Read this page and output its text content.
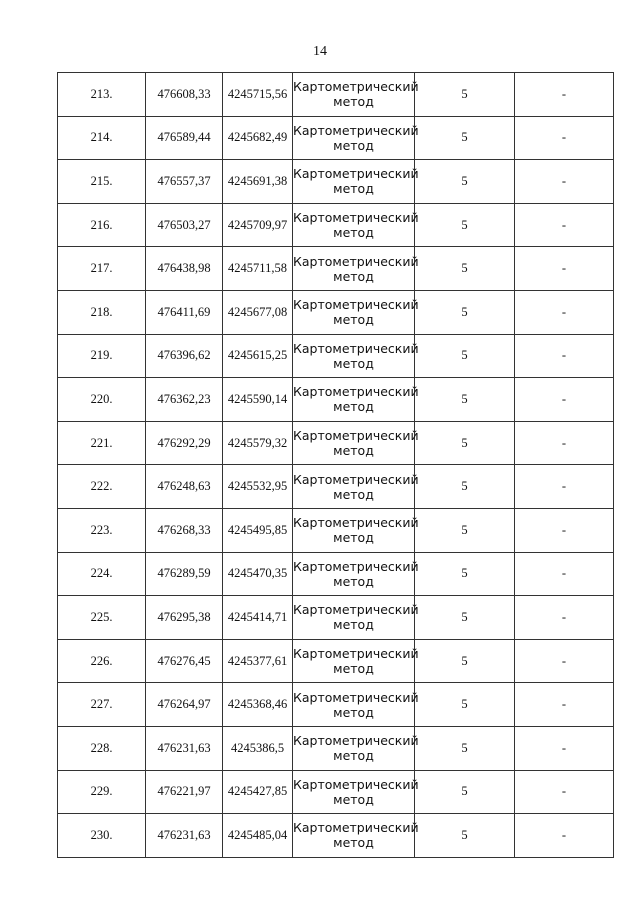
14
213.	476608,33	4245715,56	Картометрический
метод	5	-
214.	476589,44	4245682,49	Картометрический
метод	5	-
215.	476557,37	4245691,38	Картометрический
метод	5	-
216.	476503,27	4245709,97	Картометрический
метод	5	-
217.	476438,98	4245711,58	Картометрический
метод	5	-
218.	476411,69	4245677,08	Картометрический
метод	5	-
219.	476396,62	4245615,25	Картометрический
метод	5	-
220.	476362,23	4245590,14	Картометрический
метод	5	-
221.	476292,29	4245579,32	Картометрический
метод	5	-
222.	476248,63	4245532,95	Картометрический
метод	5	-
223.	476268,33	4245495,85	Картометрический
метод	5	-
224.	476289,59	4245470,35	Картометрический
метод	5	-
225.	476295,38	4245414,71	Картометрический
метод	5	-
226.	476276,45	4245377,61	Картометрический
метод	5	-
227.	476264,97	4245368,46	Картометрический
метод	5	-
228.	476231,63	4245386,5	Картометрический
метод	5	-
229.	476221,97	4245427,85	Картометрический
метод	5	-
230.	476231,63	4245485,04	Картометрический
метод	5	-
